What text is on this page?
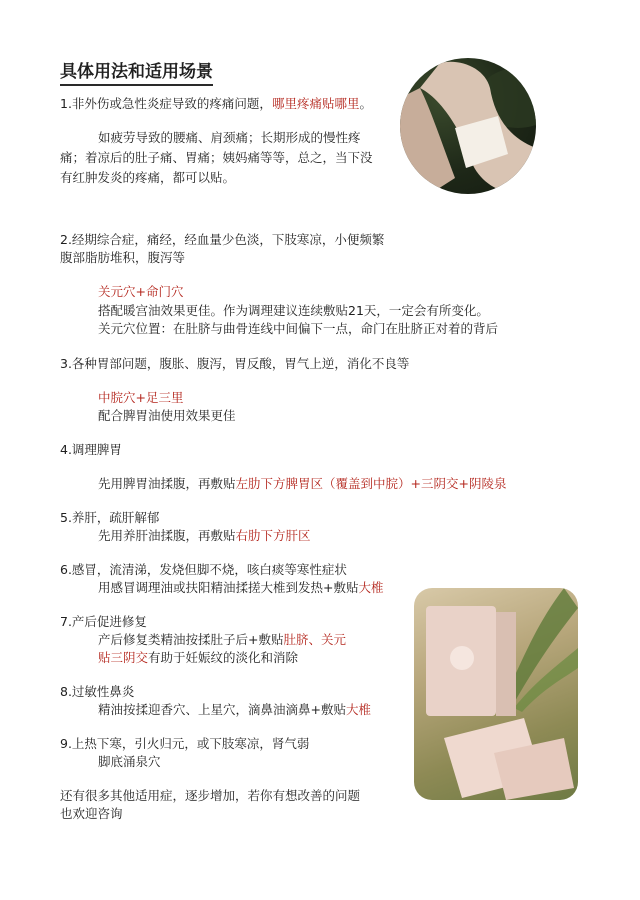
具体用法和适用场景
1.非外伤或急性炎症导致的疼痛问题，哪里疼痛贴哪里。
如疲劳导致的腰痛、肩颈痛；长期形成的慢性疼
痛；着凉后的肚子痛、胃痛；姨妈痛等等，总之，当下没
有红肿发炎的疼痛，都可以贴。
2.经期综合症，痛经，经血量少色淡，下肢寒凉，小便频繁
腹部脂肪堆积，腹泻等
关元穴+命门穴
搭配暖宫油效果更佳。作为调理建议连续敷贴21天，一定会有所变化。
关元穴位置：在肚脐与曲骨连线中间偏下一点，命门在肚脐正对着的背后
3.各种胃部问题，腹胀、腹泻，胃反酸，胃气上逆，消化不良等
中脘穴+足三里
配合脾胃油使用效果更佳
4.调理脾胃
先用脾胃油揉腹，再敷贴左肋下方脾胃区（覆盖到中脘）+三阴交+阴陵泉
5.养肝，疏肝解郁
先用养肝油揉腹，再敷贴右肋下方肝区
6.感冒，流清涕，发烧但脚不烧，咳白痰等寒性症状
用感冒调理油或扶阳精油揉搓大椎到发热+敷贴大椎
7.产后促进修复
产后修复类精油按揉肚子后+敷贴肚脐、关元
贴三阴交有助于妊娠纹的淡化和消除
8.过敏性鼻炎
精油按揉迎香穴、上星穴，滴鼻油滴鼻+敷贴大椎
9.上热下寒，引火归元，或下肢寒凉，肾气弱
脚底涌泉穴
还有很多其他适用症，逐步增加，若你有想改善的问题
也欢迎咨询
